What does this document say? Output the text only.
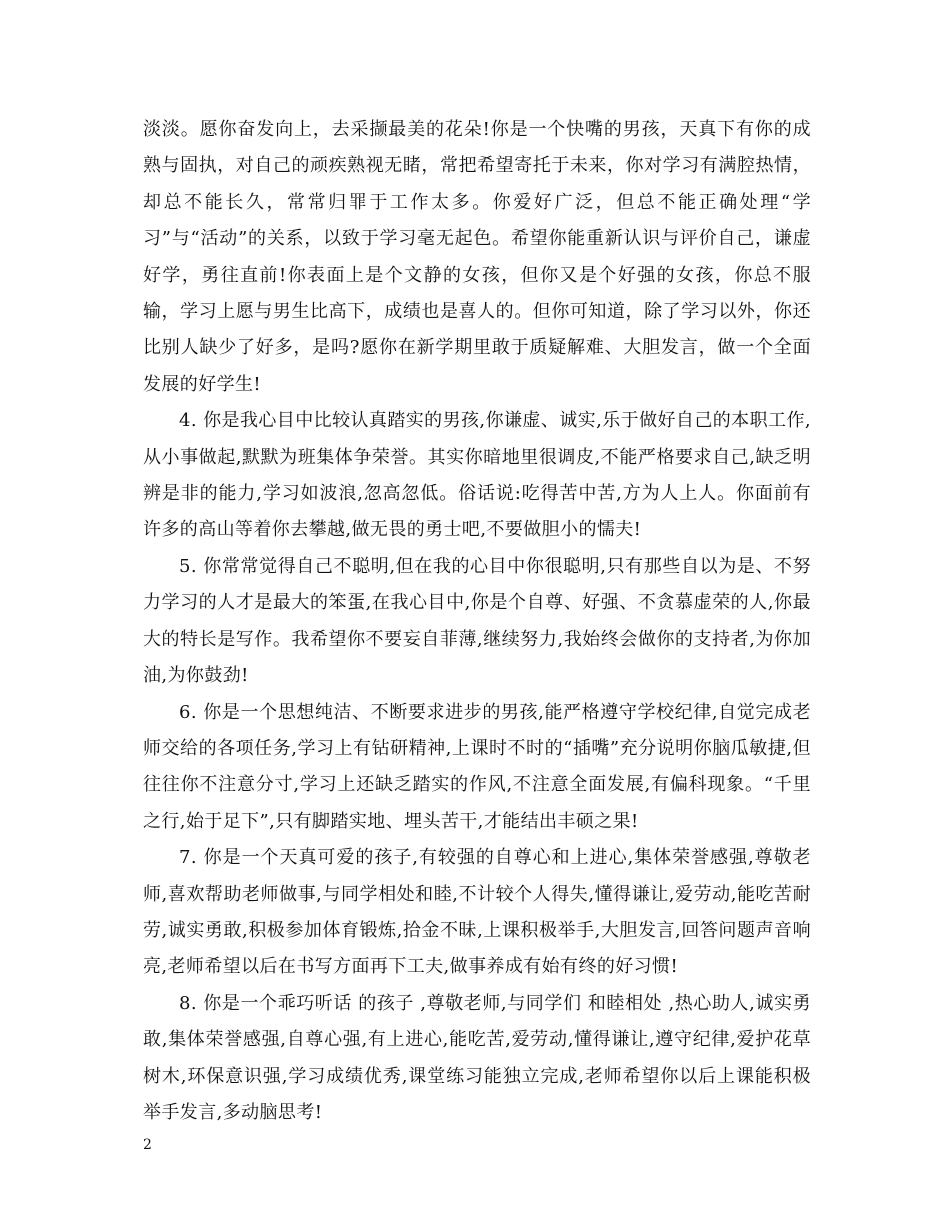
淡淡。愿你奋发向上，去采撷最美的花朵!你是一个快嘴的男孩，天真下有你的成熟与固执，对自己的顽疾熟视无睹，常把希望寄托于未来，你对学习有满腔热情，却总不能长久，常常归罪于工作太多。你爱好广泛，但总不能正确处理“学习”与“活动”的关系，以致于学习毫无起色。希望你能重新认识与评价自己，谦虚好学，勇往直前!你表面上是个文静的女孩，但你又是个好强的女孩，你总不服输，学习上愿与男生比高下，成绩也是喜人的。但你可知道，除了学习以外，你还比别人缺少了好多，是吗?愿你在新学期里敢于质疑解难、大胆发言，做一个全面发展的好学生!

4. 你是我心目中比较认真踏实的男孩,你谦虚、诚实,乐于做好自己的本职工作,从小事做起,默默为班集体争荣誉。其实你暗地里很调皮,不能严格要求自己,缺乏明辨是非的能力,学习如波浪,忽高忽低。俗话说:吃得苦中苦,方为人上人。你面前有许多的高山等着你去攀越,做无畏的勇士吧,不要做胆小的懦夫!

5. 你常常觉得自己不聪明,但在我的心目中你很聪明,只有那些自以为是、不努力学习的人才是最大的笨蛋,在我心目中,你是个自尊、好强、不贪慕虚荣的人,你最大的特长是写作。我希望你不要妄自菲薄,继续努力,我始终会做你的支持者,为你加油,为你鼓劲!

6. 你是一个思想纯洁、不断要求进步的男孩,能严格遵守学校纪律,自觉完成老师交给的各项任务,学习上有钻研精神,上课时不时的“插嘴”充分说明你脑瓜敏捷,但往往你不注意分寸,学习上还缺乏踏实的作风,不注意全面发展,有偏科现象。“千里之行,始于足下”,只有脚踏实地、埋头苦干,才能结出丰硕之果!

7. 你是一个天真可爱的孩子,有较强的自尊心和上进心,集体荣誉感强,尊敬老师,喜欢帮助老师做事,与同学相处和睦,不计较个人得失,懂得谦让,爱劳动,能吃苦耐劳,诚实勇敢,积极参加体育锻炼,拾金不昧,上课积极举手,大胆发言,回答问题声音响亮,老师希望以后在书写方面再下工夫,做事养成有始有终的好习惯!

8. 你是一个乖巧听话 的孩子 ,尊敬老师,与同学们 和睦相处 ,热心助人,诚实勇敢,集体荣誉感强,自尊心强,有上进心,能吃苦,爱劳动,懂得谦让,遵守纪律,爱护花草树木,环保意识强,学习成绩优秀,课堂练习能独立完成,老师希望你以后上课能积极举手发言,多动脑思考!

2
